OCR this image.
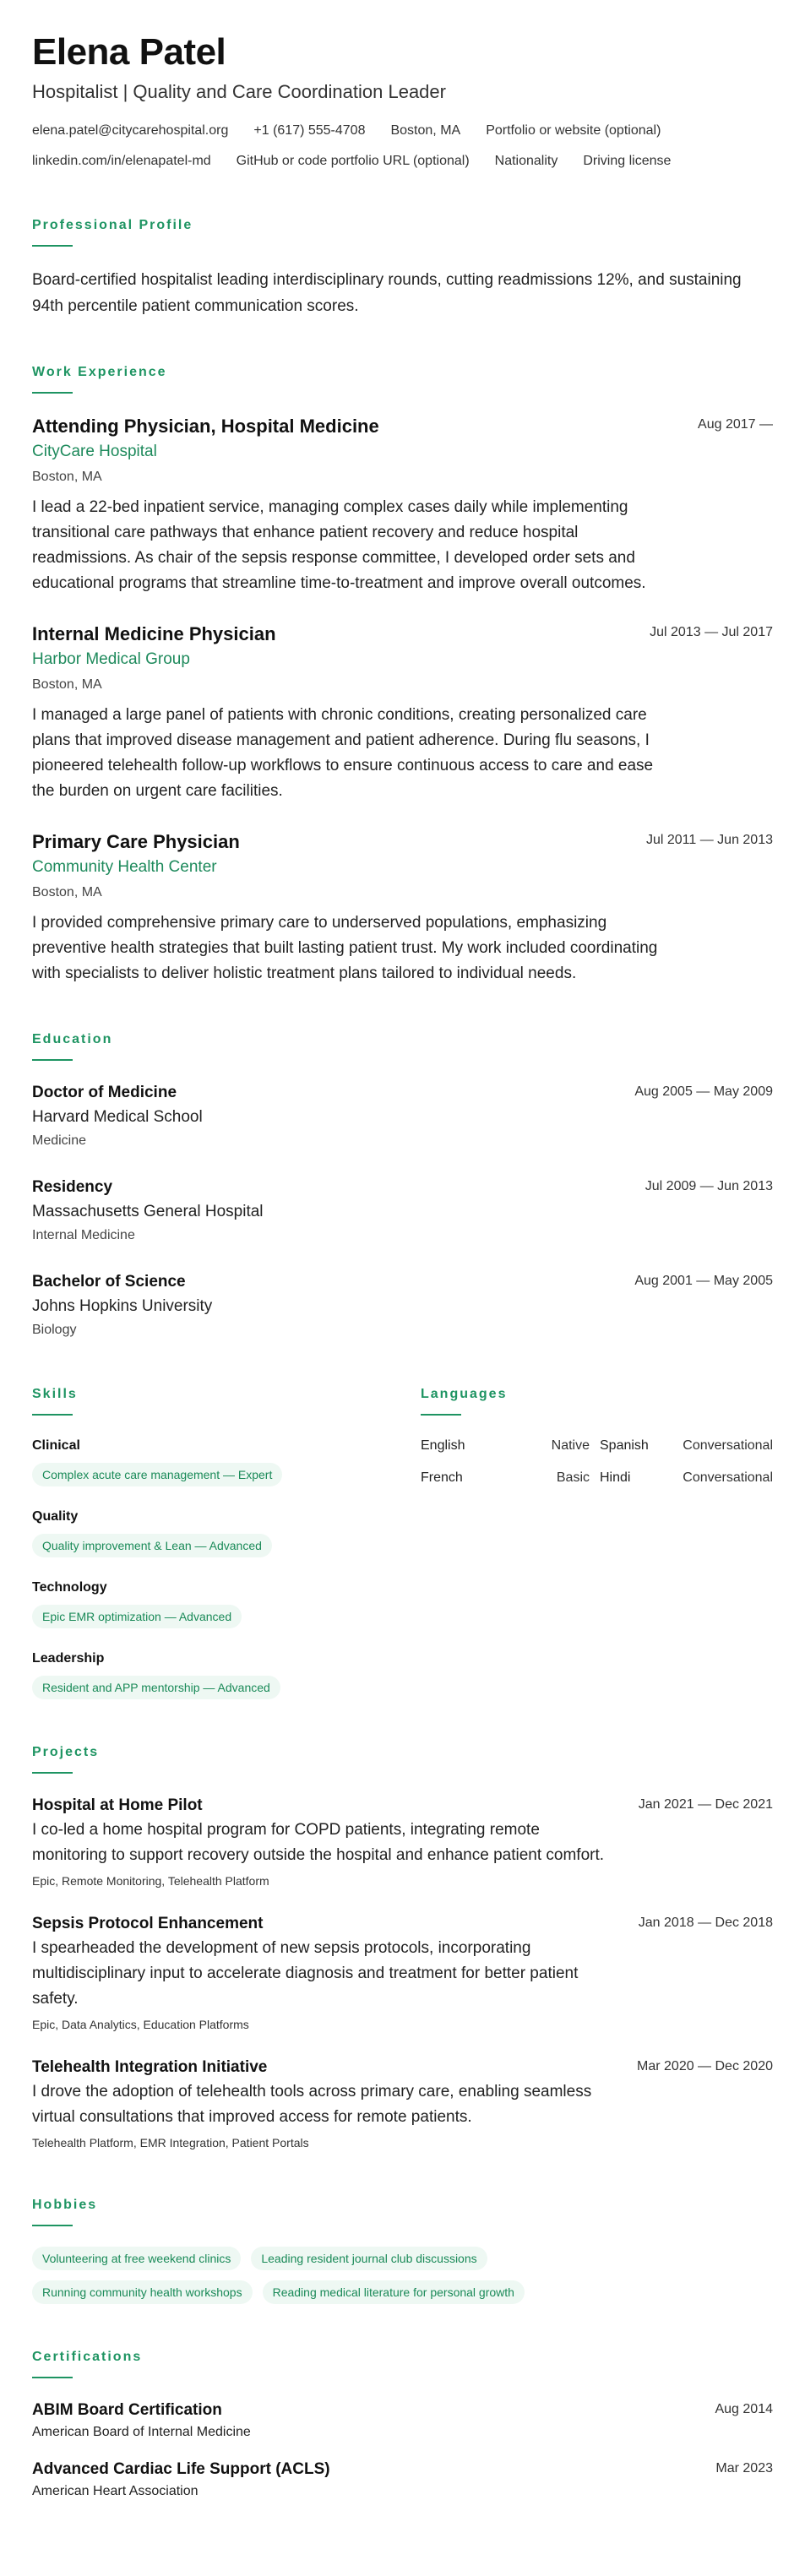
Elena Patel
Hospitalist | Quality and Care Coordination Leader
elena.patel@citycarehospital.org +1 (617) 555-4708 Boston, MA Portfolio or website (optional)
linkedin.com/in/elenapatel-md GitHub or code portfolio URL (optional) Nationality Driving license
Professional Profile

Board-certified hospitalist leading interdisciplinary rounds, cutting readmissions 12%, and sustaining 94th percentile patient communication scores.

Work Experience
Attending Physician, Hospital Medicine	Aug 2017 —
CityCare Hospital
Boston, MA

I lead a 22-bed inpatient service, managing complex cases daily while implementing transitional care pathways that enhance patient recovery and reduce hospital readmissions. As chair of the sepsis response committee, I developed order sets and educational programs that streamline time-to-treatment and improve overall outcomes.

Internal Medicine Physician	Jul 2013 — Jul 2017
Harbor Medical Group
Boston, MA

I managed a large panel of patients with chronic conditions, creating personalized care plans that improved disease management and patient adherence. During flu seasons, I pioneered telehealth follow-up workflows to ensure continuous access to care and ease the burden on urgent care facilities.

Primary Care Physician	Jul 2011 — Jun 2013
Community Health Center
Boston, MA

I provided comprehensive primary care to underserved populations, emphasizing preventive health strategies that built lasting patient trust. My work included coordinating with specialists to deliver holistic treatment plans tailored to individual needs.

Education
Doctor of Medicine	Aug 2005 — May 2009
Harvard Medical School
Medicine
Residency	Jul 2009 — Jun 2013
Massachusetts General Hospital
Internal Medicine
Bachelor of Science	Aug 2001 — May 2005
Johns Hopkins University
Biology
Skills
Clinical
Complex acute care management — Expert
Quality
Quality improvement & Lean — Advanced
Technology
Epic EMR optimization — Advanced
Leadership
Resident and APP mentorship — Advanced
Languages
English	Native Spanish	Conversational
French	Basic Hindi	Conversational
Projects
Hospital at Home Pilot	Jan 2021 — Dec 2021

I co-led a home hospital program for COPD patients, integrating remote monitoring to support recovery outside the hospital and enhance patient comfort.

Epic, Remote Monitoring, Telehealth Platform
Sepsis Protocol Enhancement	Jan 2018 — Dec 2018

I spearheaded the development of new sepsis protocols, incorporating multidisciplinary input to accelerate diagnosis and treatment for better patient safety.

Epic, Data Analytics, Education Platforms
Telehealth Integration Initiative	Mar 2020 — Dec 2020

I drove the adoption of telehealth tools across primary care, enabling seamless virtual consultations that improved access for remote patients.

Telehealth Platform, EMR Integration, Patient Portals
Hobbies
Volunteering at free weekend clinics	Leading resident journal club discussions
Running community health workshops	Reading medical literature for personal growth
Certifications
ABIM Board Certification	Aug 2014
American Board of Internal Medicine
Advanced Cardiac Life Support (ACLS)	Mar 2023
American Heart Association
